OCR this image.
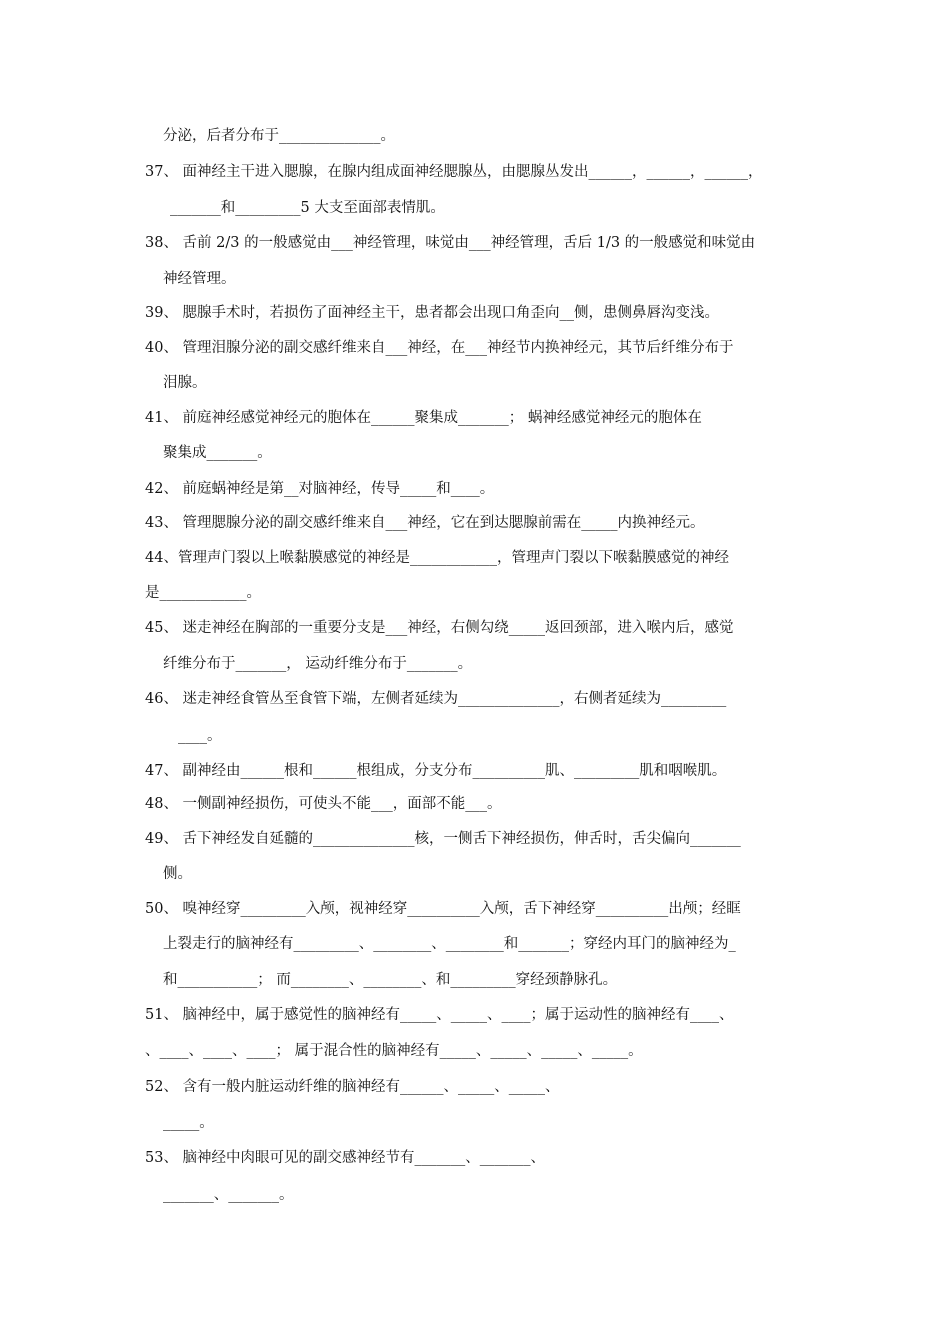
分泌，后者分布于______________。
37、 面神经主干进入腮腺，在腺内组成面神经腮腺丛，由腮腺丛发出______，______，______，
_______和_________5 大支至面部表情肌。
38、 舌前 2/3 的一般感觉由___神经管理，味觉由___神经管理，舌后 1/3 的一般感觉和味觉由
神经管理。
39、 腮腺手术时，若损伤了面神经主干，患者都会出现口角歪向__侧，患侧鼻唇沟变浅。
40、 管理泪腺分泌的副交感纤维来自___神经，在___神经节内换神经元，其节后纤维分布于
泪腺。
41、 前庭神经感觉神经元的胞体在______聚集成_______； 蜗神经感觉神经元的胞体在
聚集成_______。
42、 前庭蜗神经是第__对脑神经，传导_____和____。
43、 管理腮腺分泌的副交感纤维来自___神经，它在到达腮腺前需在_____内换神经元。
44、管理声门裂以上喉黏膜感觉的神经是____________，管理声门裂以下喉黏膜感觉的神经
是____________。
45、 迷走神经在胸部的一重要分支是___神经，右侧勾绕_____返回颈部，进入喉内后，感觉
纤维分布于_______， 运动纤维分布于_______。
46、 迷走神经食管丛至食管下端，左侧者延续为______________，右侧者延续为_________
____。
47、 副神经由______根和______根组成，分支分布__________肌、_________肌和咽喉肌。
48、 一侧副神经损伤，可使头不能___，面部不能___。
49、 舌下神经发自延髓的______________核，一侧舌下神经损伤，伸舌时，舌尖偏向_______
侧。
50、 嗅神经穿_________入颅，视神经穿__________入颅，舌下神经穿__________出颅；经眶
上裂走行的脑神经有_________、________、________和_______；穿经内耳门的脑神经为_
和___________； 而________、________、和_________穿经颈静脉孔。
51、 脑神经中，属于感觉性的脑神经有_____、_____、____；属于运动性的脑神经有____、
、____、____、____； 属于混合性的脑神经有_____、_____、_____、_____。
52、 含有一般内脏运动纤维的脑神经有______、_____、_____、
_____。
53、 脑神经中肉眼可见的副交感神经节有_______、_______、
_______、_______。
